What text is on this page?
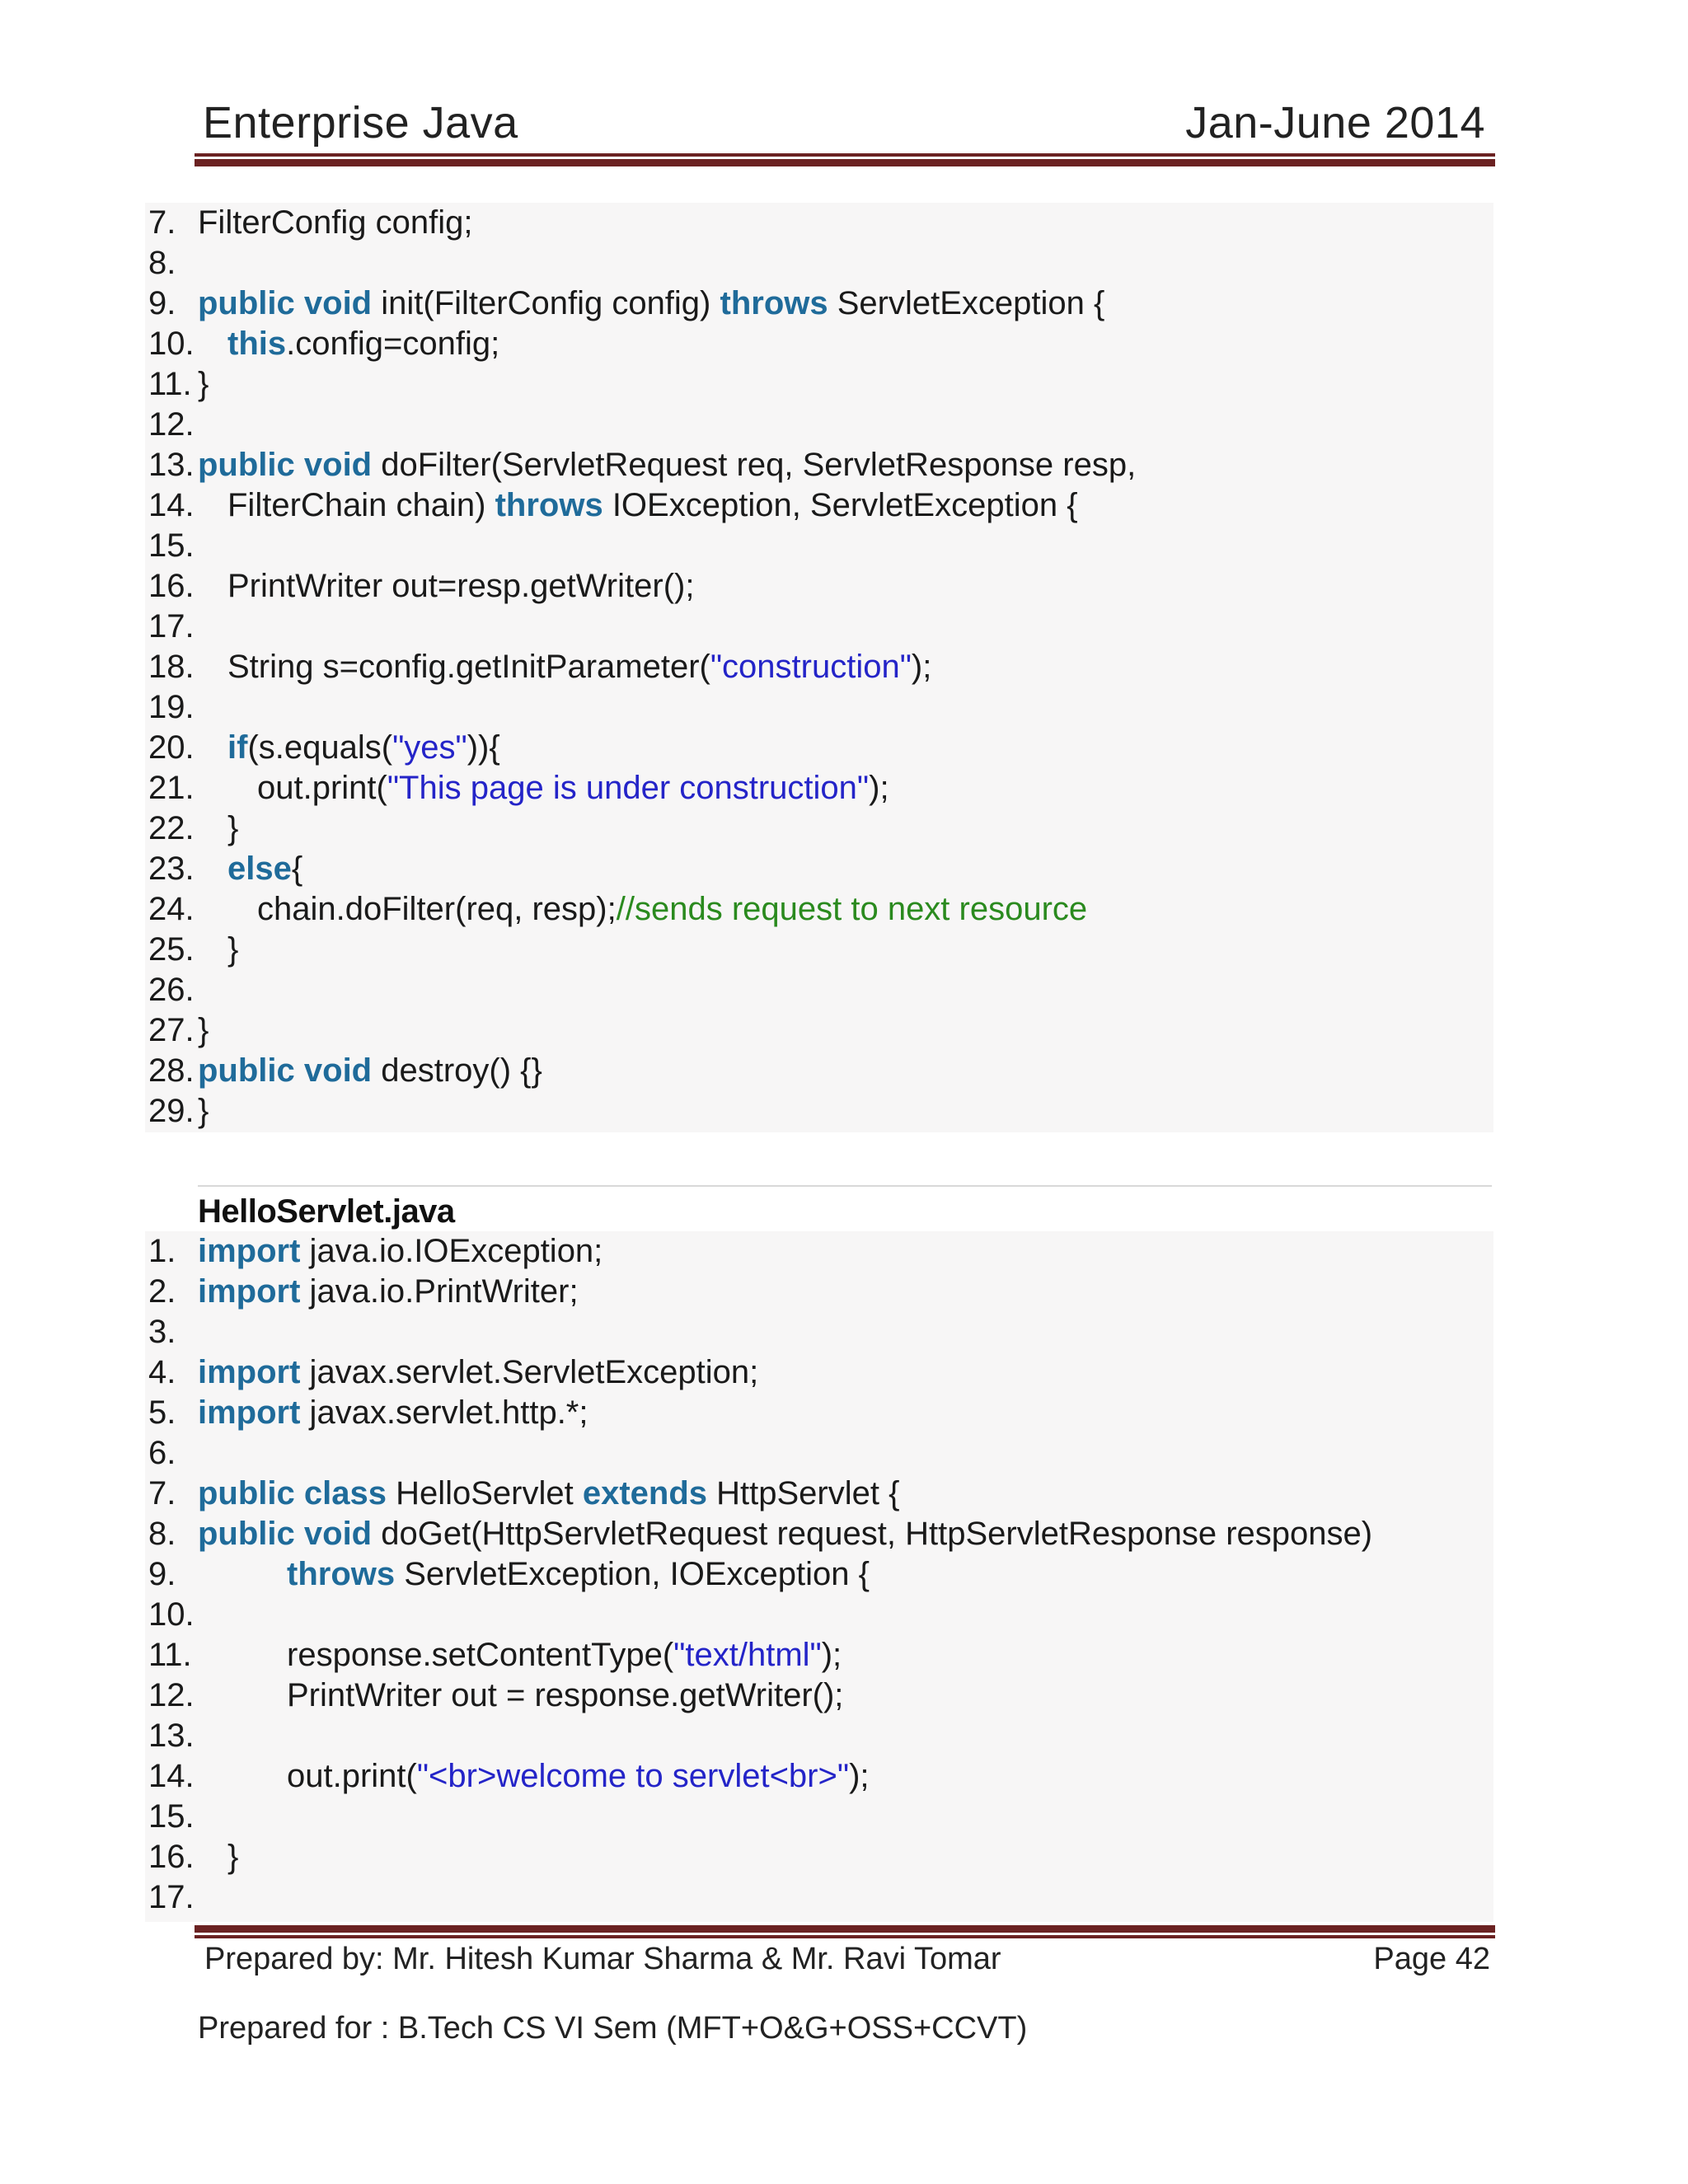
Enterprise Java	Jan-June 2014
7. FilterConfig config;
8.
9. public void init(FilterConfig config) throws ServletException {
10. this.config=config;
11. }
12.
13. public void doFilter(ServletRequest req, ServletResponse resp,
14. FilterChain chain) throws IOException, ServletException {
15.
16. PrintWriter out=resp.getWriter();
17.
18. String s=config.getInitParameter("construction");
19.
20. if(s.equals("yes")){
21. out.print("This page is under construction");
22. }
23. else{
24. chain.doFilter(req, resp);//sends request to next resource
25. }
26.
27. }
28. public void destroy() {}
29. }
HelloServlet.java
1. import java.io.IOException;
2. import java.io.PrintWriter;
3.
4. import javax.servlet.ServletException;
5. import javax.servlet.http.*;
6.
7. public class HelloServlet extends HttpServlet {
8. public void doGet(HttpServletRequest request, HttpServletResponse response)
9.	throws ServletException, IOException {
10.
11.	response.setContentType("text/html");
12.	PrintWriter out = response.getWriter();
13.
14.	out.print("<br>welcome to servlet<br>");
15.
16. }
17.
Prepared by: Mr. Hitesh Kumar Sharma & Mr. Ravi Tomar	Page 42
Prepared for : B.Tech CS VI Sem (MFT+O&G+OSS+CCVT)
